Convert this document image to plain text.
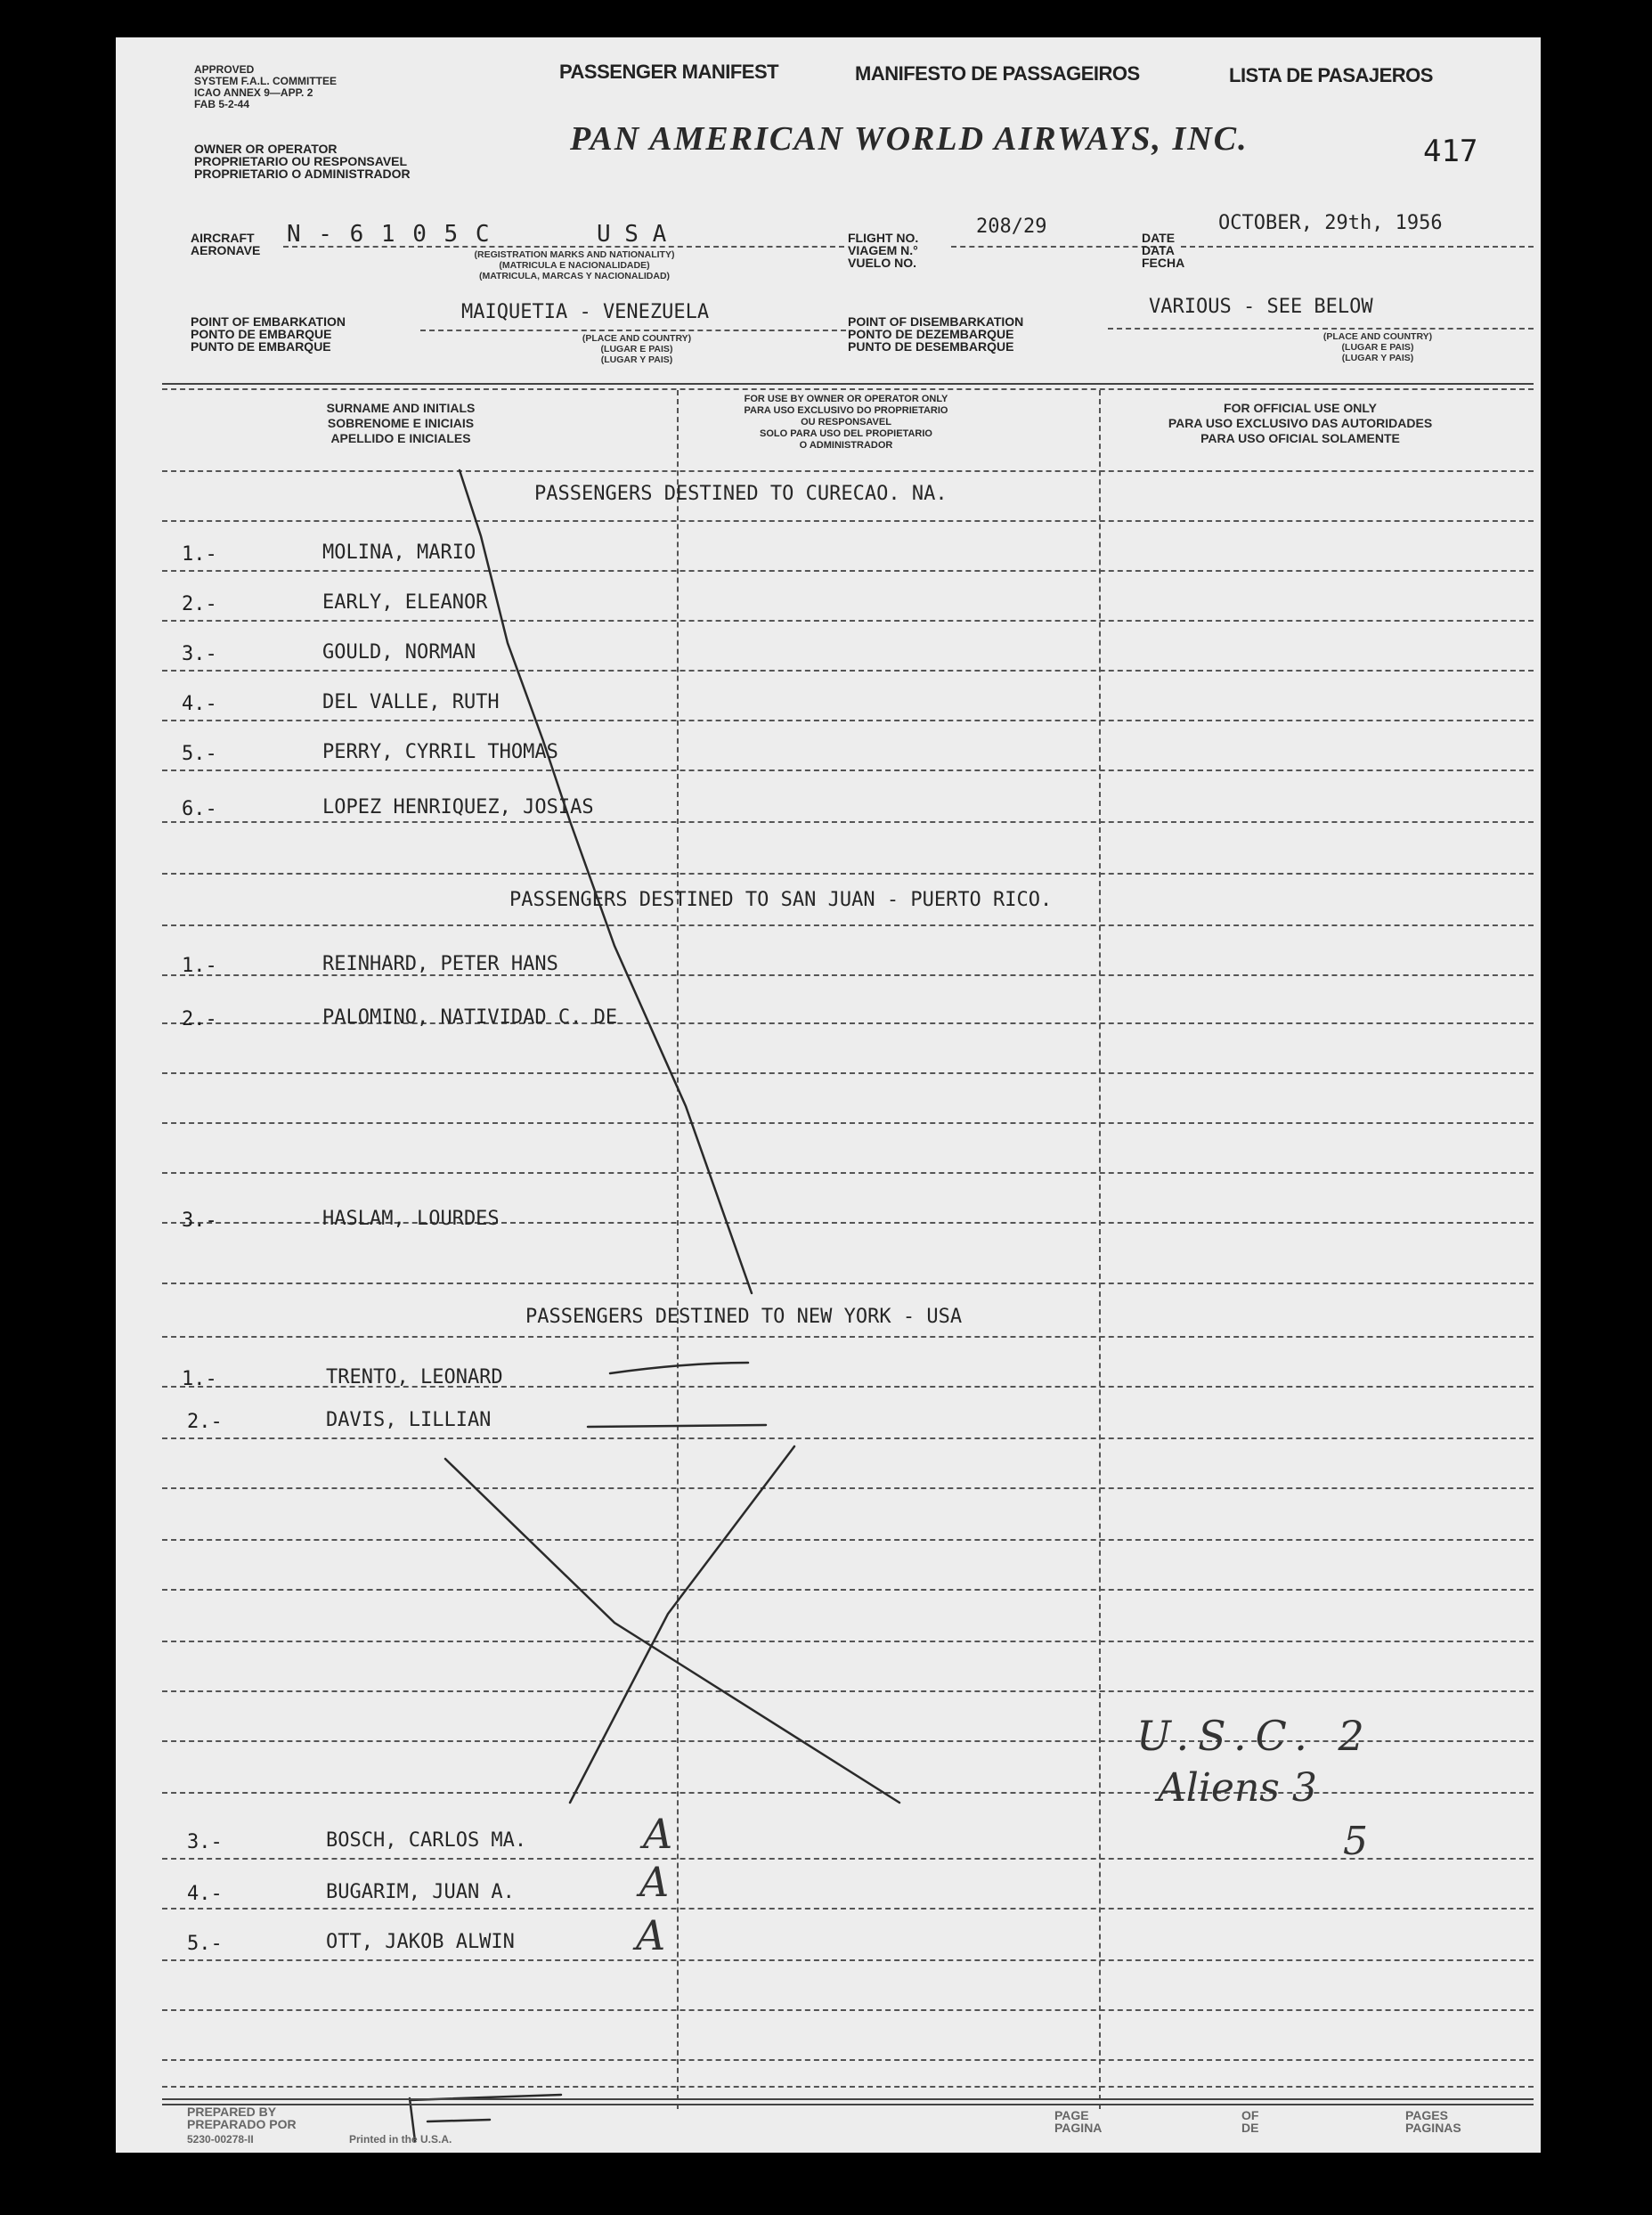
APPROVED
SYSTEM F.A.L. COMMITTEE
ICAO ANNEX 9—APP. 2
FAB 5-2-44
OWNER OR OPERATOR
PROPRIETARIO OU RESPONSAVEL
PROPRIETARIO O ADMINISTRADOR
PASSENGER MANIFEST	MANIFESTO DE PASSAGEIROS	LISTA DE PASAJEROS
PAN AMERICAN WORLD AIRWAYS, INC.	417
AIRCRAFT
AERONAVE
N - 6 1 0 5 C	U S A
(REGISTRATION MARKS AND NATIONALITY)
(MATRICULA E NACIONALIDADE)
(MATRICULA, MARCAS Y NACIONALIDAD)
FLIGHT NO.
VIAGEM N.°
VUELO NO.
208/29	DATE
DATA
FECHA
OCTOBER, 29th, 1956
POINT OF EMBARKATION
PONTO DE EMBARQUE
PUNTO DE EMBARQUE
MAIQUETIA - VENEZUELA
(PLACE AND COUNTRY)
(LUGAR E PAIS)
(LUGAR Y PAIS)
POINT OF DISEMBARKATION
PONTO DE DEZEMBARQUE
PUNTO DE DESEMBARQUE
VARIOUS - SEE BELOW
(PLACE AND COUNTRY)
(LUGAR E PAIS)
(LUGAR Y PAIS)
SURNAME AND INITIALS
SOBRENOME E INICIAIS
APELLIDO E INICIALES
FOR USE BY OWNER OR OPERATOR ONLY
PARA USO EXCLUSIVO DO PROPRIETARIO
OU RESPONSAVEL
SOLO PARA USO DEL PROPIETARIO
O ADMINISTRADOR
FOR OFFICIAL USE ONLY
PARA USO EXCLUSIVO DAS AUTORIDADES
PARA USO OFICIAL SOLAMENTE
PASSENGERS DESTINED TO CURECAO. NA.
1.-	MOLINA, MARIO
2.-	EARLY, ELEANOR
3.-	GOULD, NORMAN
4.-	DEL VALLE, RUTH
5.-	PERRY, CYRRIL THOMAS
6.-	LOPEZ HENRIQUEZ, JOSIAS
PASSENGERS DESTINED TO SAN JUAN - PUERTO RICO.
1.-	REINHARD, PETER HANS
2.-	PALOMINO, NATIVIDAD C. DE
3.-	HASLAM, LOURDES
PASSENGERS DESTINED TO NEW YORK - USA
1.-	TRENTO, LEONARD
2.-	DAVIS, LILLIAN
3.-	BOSCH, CARLOS MA.
4.-	BUGARIM, JUAN A.
5.-	OTT, JAKOB ALWIN
U.S.C. 2
Aliens 3
5
A
A
A
PREPARED BY
PREPARADO POR
5230-00278-II	Printed in the U.S.A.
PAGE
PAGINA
OF
DE
PAGES
PAGINAS
